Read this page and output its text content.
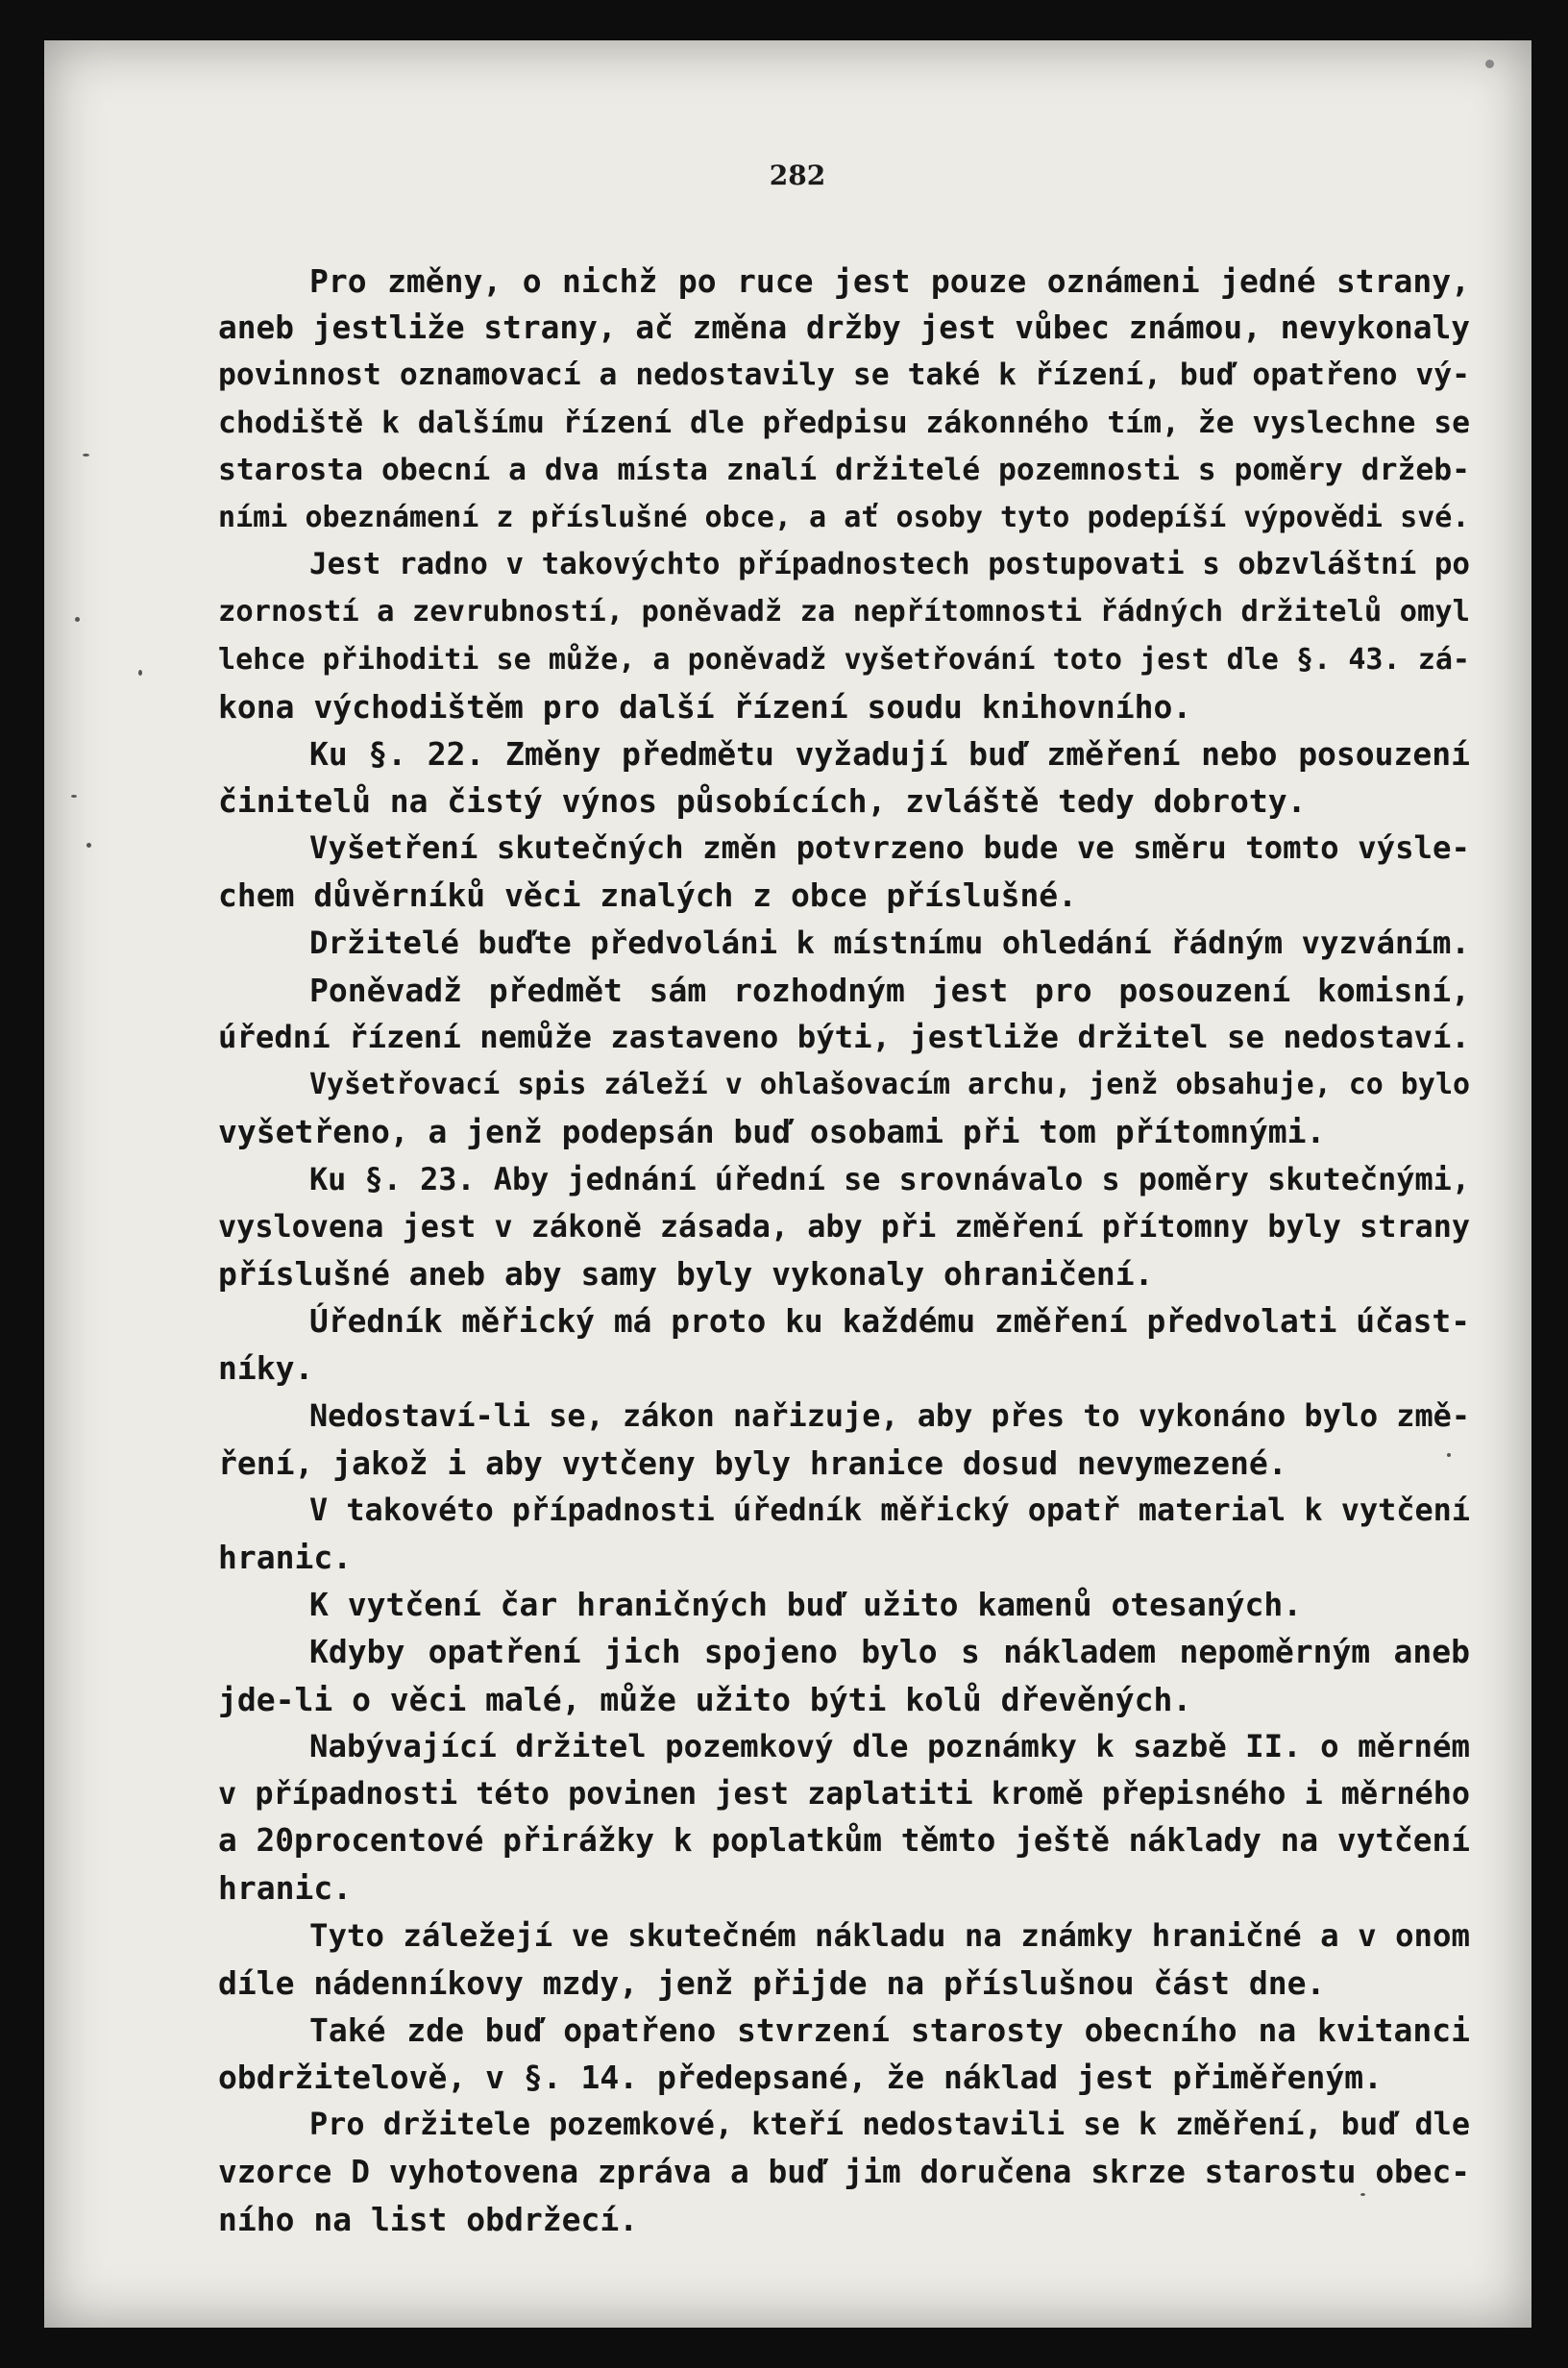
282
Pro změny, o nichž po ruce jest pouze oznámeni jedné strany,
aneb jestliže strany, ač změna držby jest vůbec známou, nevykonaly
povinnost oznamovací a nedostavily se také k řízení, buď opatřeno vý-
chodiště k dalšímu řízení dle předpisu zákonného tím, že vyslechne se
starosta obecní a dva místa znalí držitelé pozemnosti s poměry držeb-
ními obeznámení z příslušné obce, a ať osoby tyto podepíší výpovědi své.
Jest radno v takovýchto případnostech postupovati s obzvláštní po
zorností a zevrubností, poněvadž za nepřítomnosti řádných držitelů omyl
lehce přihoditi se může, a poněvadž vyšetřování toto jest dle §. 43. zá-
kona východištěm pro další řízení soudu knihovního.
Ku §. 22. Změny předmětu vyžadují buď změření nebo posouzení
činitelů na čistý výnos působících, zvláště tedy dobroty.
Vyšetření skutečných změn potvrzeno bude ve směru tomto výsle-
chem důvěrníků věci znalých z obce příslušné.
Držitelé buďte předvoláni k místnímu ohledání řádným vyzváním.
Poněvadž předmět sám rozhodným jest pro posouzení komisní,
úřední řízení nemůže zastaveno býti, jestliže držitel se nedostaví.
Vyšetřovací spis záleží v ohlašovacím archu, jenž obsahuje, co bylo
vyšetřeno, a jenž podepsán buď osobami při tom přítomnými.
Ku §. 23. Aby jednání úřední se srovnávalo s poměry skutečnými,
vyslovena jest v zákoně zásada, aby při změření přítomny byly strany
příslušné aneb aby samy byly vykonaly ohraničení.
Úředník měřický má proto ku každému změření předvolati účast-
níky.
Nedostaví-li se, zákon nařizuje, aby přes to vykonáno bylo změ-
ření, jakož i aby vytčeny byly hranice dosud nevymezené.
V takovéto případnosti úředník měřický opatř material k vytčení
hranic.
K vytčení čar hraničných buď užito kamenů otesaných.
Kdyby opatření jich spojeno bylo s nákladem nepoměrným aneb
jde-li o věci malé, může užito býti kolů dřevěných.
Nabývající držitel pozemkový dle poznámky k sazbě II. o měrném
v případnosti této povinen jest zaplatiti kromě přepisného i měrného
a 20procentové přirážky k poplatkům těmto ještě náklady na vytčení
hranic.
Tyto záležejí ve skutečném nákladu na známky hraničné a v onom
díle nádenníkovy mzdy, jenž přijde na příslušnou část dne.
Také zde buď opatřeno stvrzení starosty obecního na kvitanci
obdržitelově, v §. 14. předepsané, že náklad jest přiměřeným.
Pro držitele pozemkové, kteří nedostavili se k změření, buď dle
vzorce D vyhotovena zpráva a buď jim doručena skrze starostu obec-
ního na list obdržecí.
